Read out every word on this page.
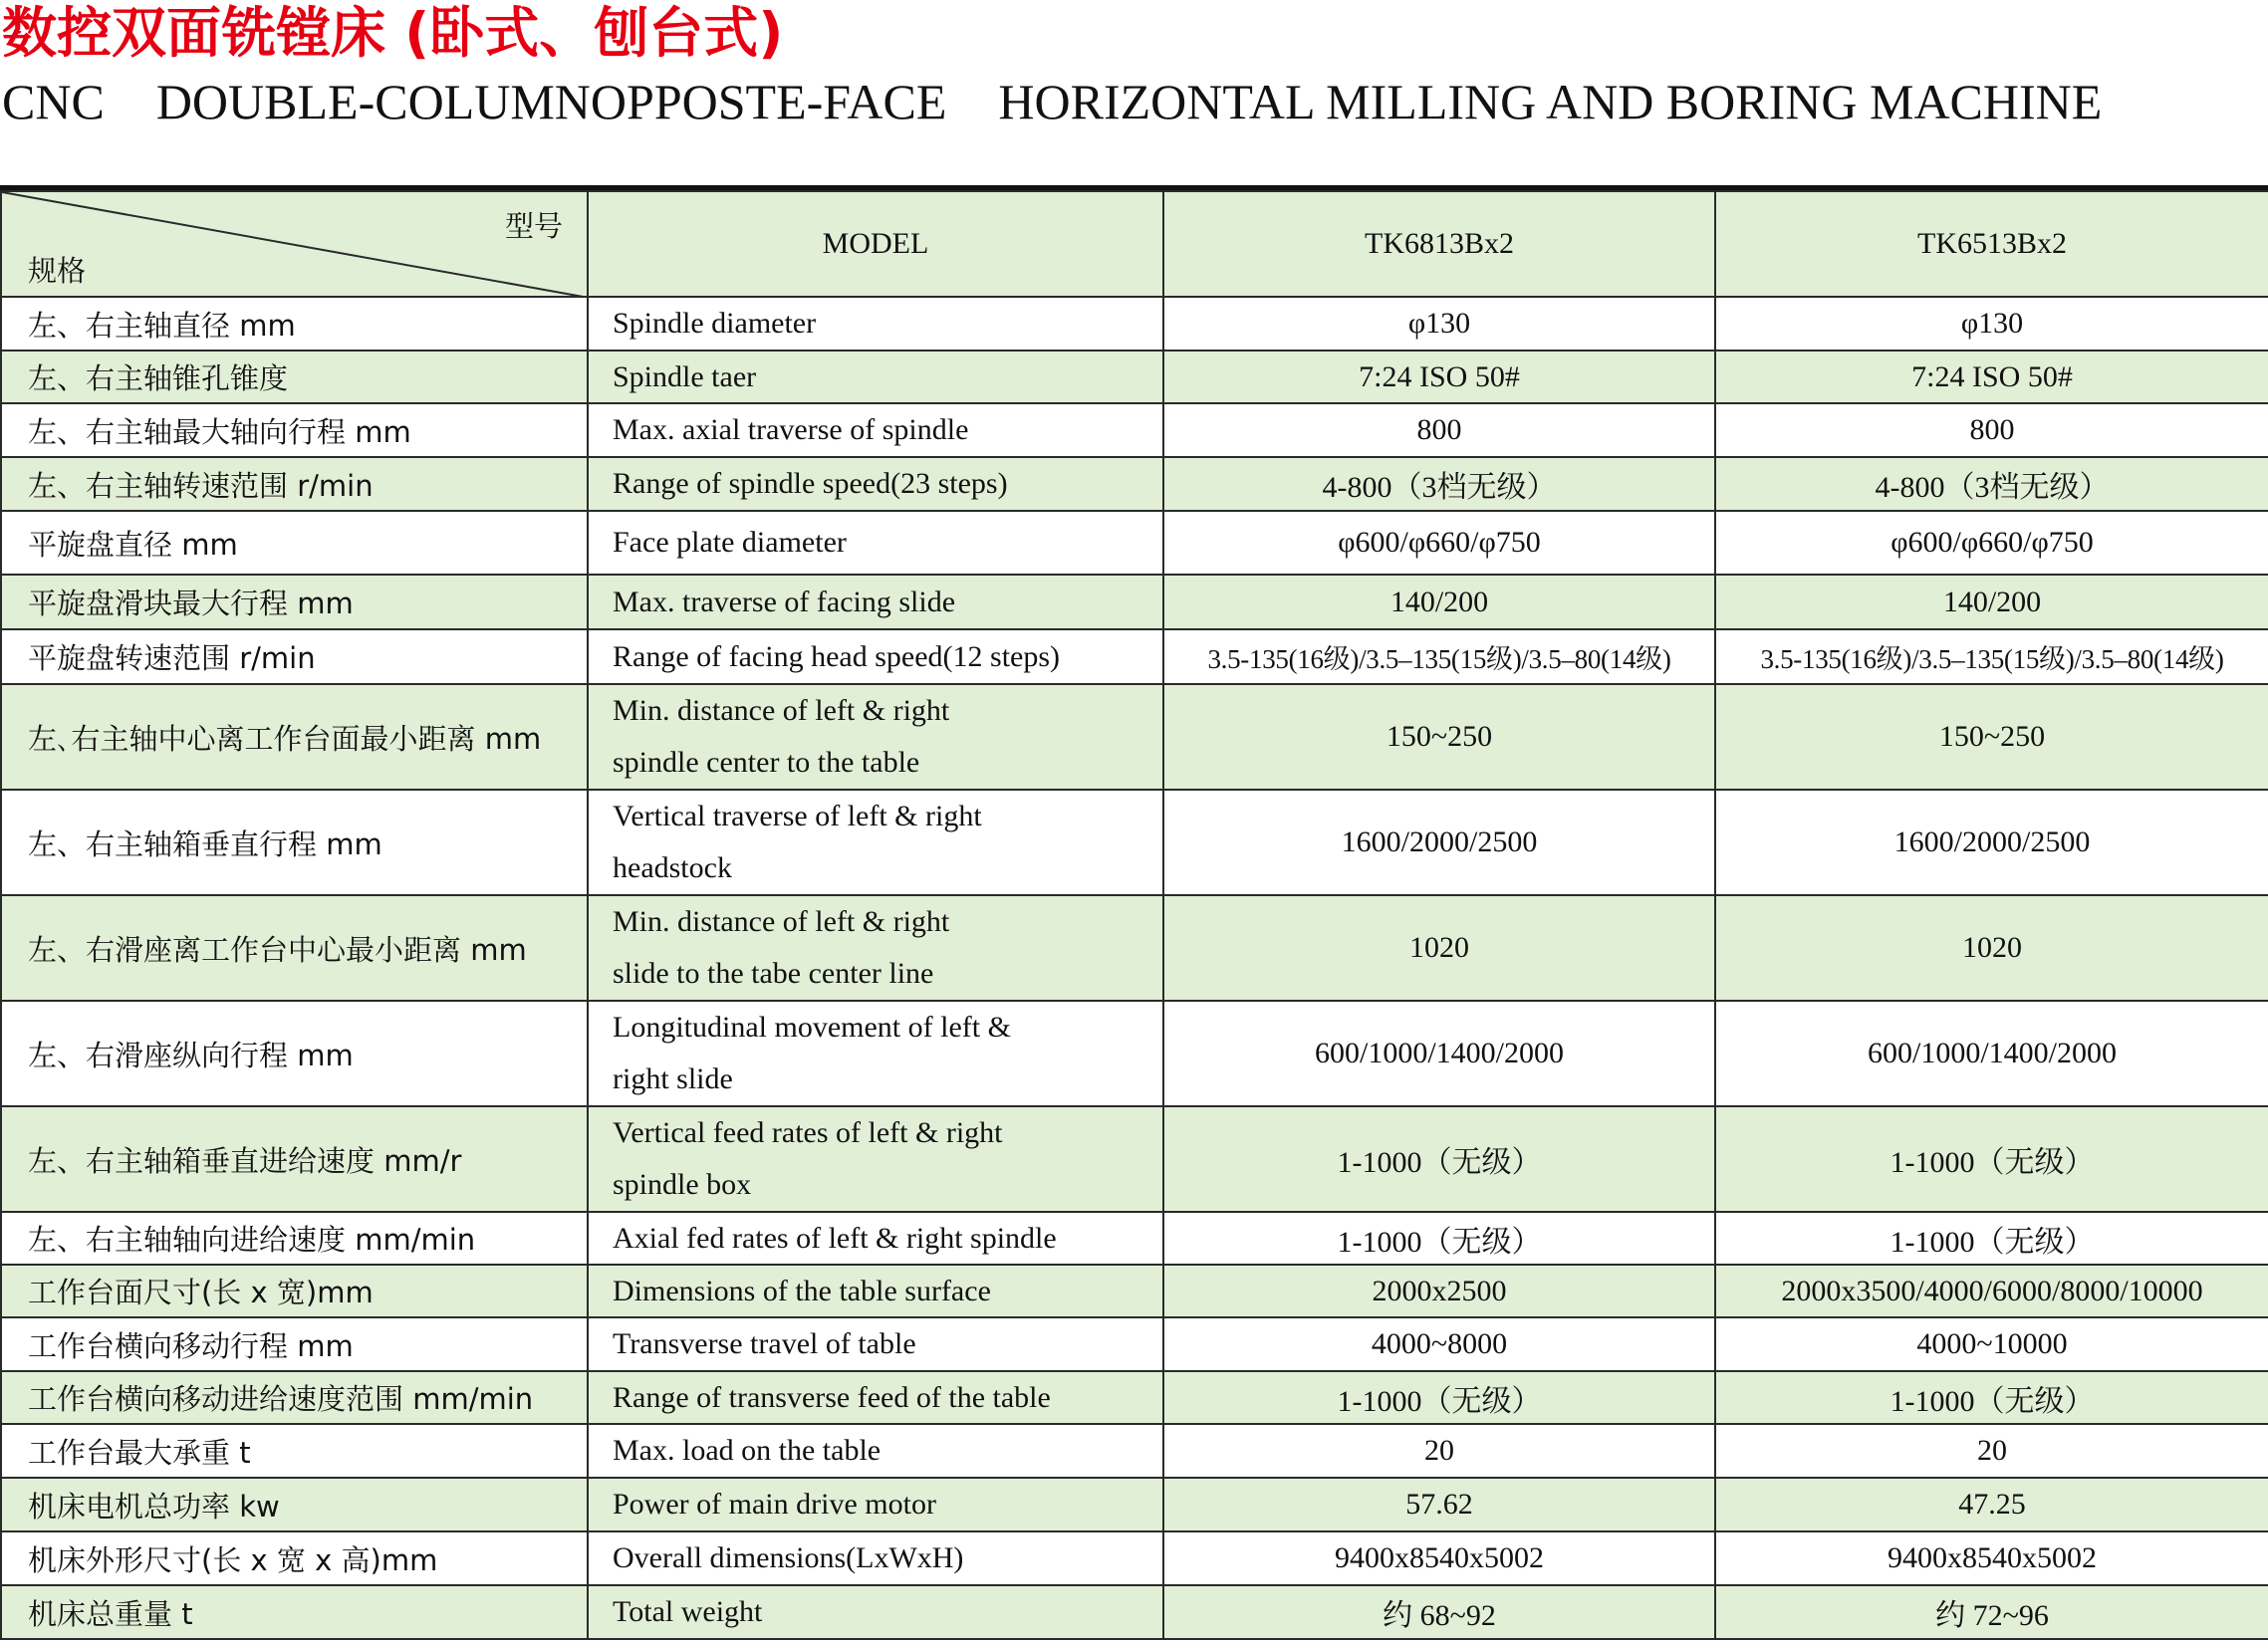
数控双面铣镗床 (卧式、刨台式)
CNC DOUBLE-COLUMNOPPOSTE-FACE HORIZONTAL MILLING AND BORING MACHINE
型号
规格	MODEL	TK6813Bx2	TK6513Bx2
左、右主轴直径 mm	Spindle diameter	φ130	φ130
左、右主轴锥孔锥度	Spindle taer	7:24 ISO 50#	7:24 ISO 50#
左、右主轴最大轴向行程 mm	Max. axial traverse of spindle	800	800
左、右主轴转速范围 r/min	Range of spindle speed(23 steps)	4-800（3档无级）	4-800（3档无级）
平旋盘直径 mm	Face plate diameter	φ600/φ660/φ750	φ600/φ660/φ750
平旋盘滑块最大行程 mm	Max. traverse of facing slide	140/200	140/200
平旋盘转速范围 r/min	Range of facing head speed(12 steps)	3.5-135(16级)/3.5–135(15级)/3.5–80(14级)	3.5-135(16级)/3.5–135(15级)/3.5–80(14级)
左､右主轴中心离工作台面最小距离 mm	Min. distance of left & right spindle center to the table	150~250	150~250
左、右主轴箱垂直行程 mm	Vertical traverse of left & right headstock	1600/2000/2500	1600/2000/2500
左、右滑座离工作台中心最小距离 mm	Min. distance of left & right slide to the tabe center line	1020	1020
左、右滑座纵向行程 mm	Longitudinal movement of left & right slide	600/1000/1400/2000	600/1000/1400/2000
左、右主轴箱垂直进给速度 mm/r	Vertical feed rates of left & right spindle box	1-1000（无级）	1-1000（无级）
左、右主轴轴向进给速度 mm/min	Axial fed rates of left & right spindle	1-1000（无级）	1-1000（无级）
工作台面尺寸(长 x 宽)mm	Dimensions of the table surface	2000x2500	2000x3500/4000/6000/8000/10000
工作台横向移动行程 mm	Transverse travel of table	4000~8000	4000~10000
工作台横向移动进给速度范围 mm/min	Range of transverse feed of the table	1-1000（无级）	1-1000（无级）
工作台最大承重 t	Max. load on the table	20	20
机床电机总功率 kw	Power of main drive motor	57.62	47.25
机床外形尺寸(长 x 宽 x 高)mm	Overall dimensions(LxWxH)	9400x8540x5002	9400x8540x5002
机床总重量 t	Total weight	约 68~92	约 72~96
